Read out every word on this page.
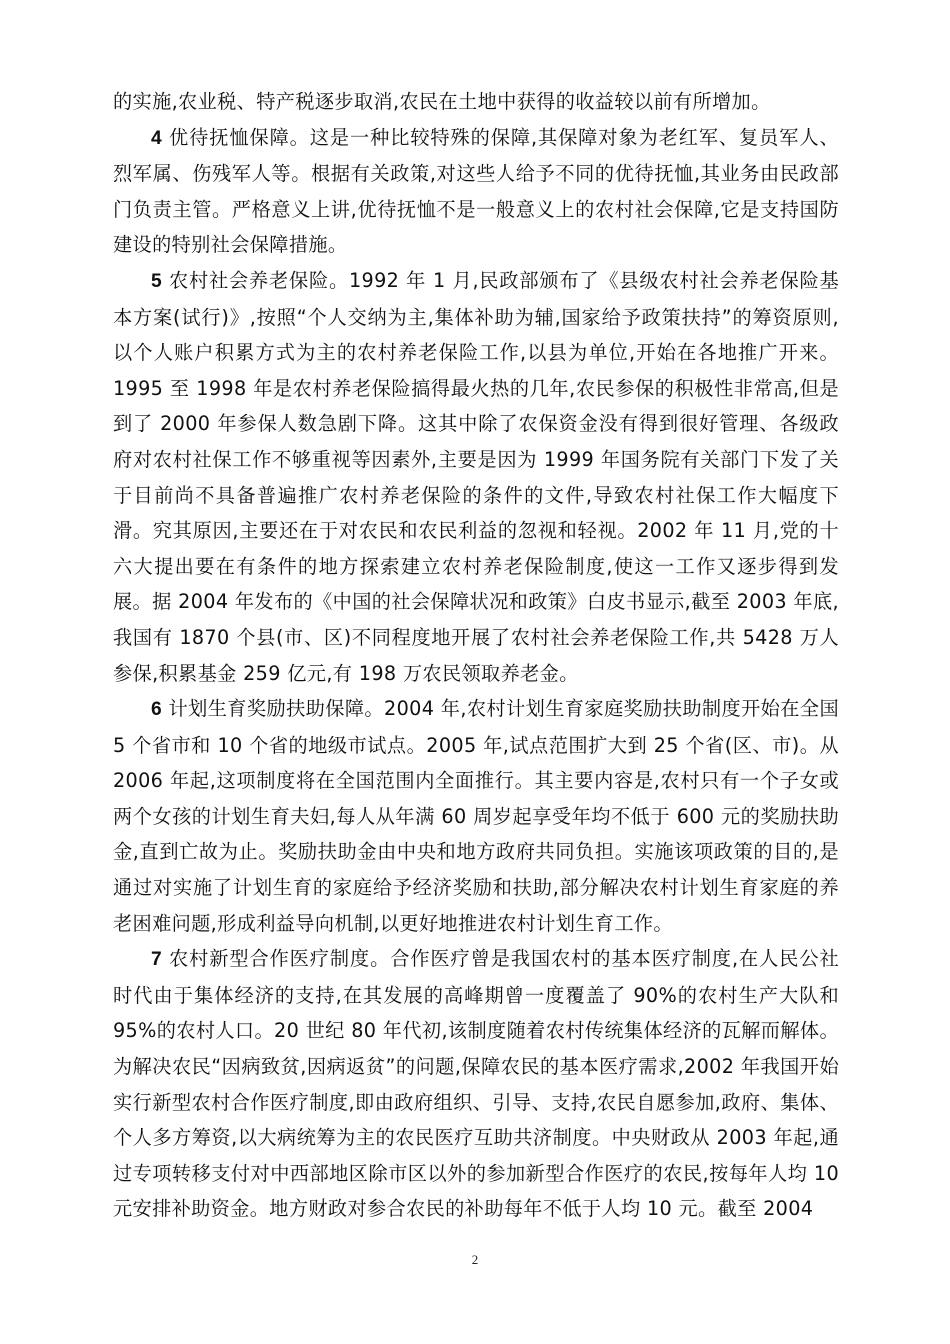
的实施,农业税、特产税逐步取消,农民在土地中获得的收益较以前有所增加。

4 优待抚恤保障。这是一种比较特殊的保障,其保障对象为老红军、复员军人、烈军属、伤残军人等。根据有关政策,对这些人给予不同的优待抚恤,其业务由民政部门负责主管。严格意义上讲,优待抚恤不是一般意义上的农村社会保障,它是支持国防建设的特别社会保障措施。

5 农村社会养老保险。1992 年 1 月,民政部颁布了《县级农村社会养老保险基本方案(试行)》,按照“个人交纳为主,集体补助为辅,国家给予政策扶持”的筹资原则,以个人账户积累方式为主的农村养老保险工作,以县为单位,开始在各地推广开来。1995 至 1998 年是农村养老保险搞得最火热的几年,农民参保的积极性非常高,但是到了 2000 年参保人数急剧下降。这其中除了农保资金没有得到很好管理、各级政府对农村社保工作不够重视等因素外,主要是因为 1999 年国务院有关部门下发了关于目前尚不具备普遍推广农村养老保险的条件的文件,导致农村社保工作大幅度下滑。究其原因,主要还在于对农民和农民利益的忽视和轻视。2002 年 11 月,党的十六大提出要在有条件的地方探索建立农村养老保险制度,使这一工作又逐步得到发展。据 2004 年发布的《中国的社会保障状况和政策》白皮书显示,截至 2003 年底,我国有 1870 个县(市、区)不同程度地开展了农村社会养老保险工作,共 5428 万人参保,积累基金 259 亿元,有 198 万农民领取养老金。

6 计划生育奖励扶助保障。2004 年,农村计划生育家庭奖励扶助制度开始在全国 5 个省市和 10 个省的地级市试点。2005 年,试点范围扩大到 25 个省(区、市)。从 2006 年起,这项制度将在全国范围内全面推行。其主要内容是,农村只有一个子女或两个女孩的计划生育夫妇,每人从年满 60 周岁起享受年均不低于 600 元的奖励扶助金,直到亡故为止。奖励扶助金由中央和地方政府共同负担。实施该项政策的目的,是通过对实施了计划生育的家庭给予经济奖励和扶助,部分解决农村计划生育家庭的养老困难问题,形成利益导向机制,以更好地推进农村计划生育工作。

7 农村新型合作医疗制度。合作医疗曾是我国农村的基本医疗制度,在人民公社时代由于集体经济的支持,在其发展的高峰期曾一度覆盖了 90%的农村生产大队和 95%的农村人口。20 世纪 80 年代初,该制度随着农村传统集体经济的瓦解而解体。为解决农民“因病致贫,因病返贫”的问题,保障农民的基本医疗需求,2002 年我国开始实行新型农村合作医疗制度,即由政府组织、引导、支持,农民自愿参加,政府、集体、个人多方筹资,以大病统筹为主的农民医疗互助共济制度。中央财政从 2003 年起,通过专项转移支付对中西部地区除市区以外的参加新型合作医疗的农民,按每年人均 10 元安排补助资金。地方财政对参合农民的补助每年不低于人均 10 元。截至 2004

2
